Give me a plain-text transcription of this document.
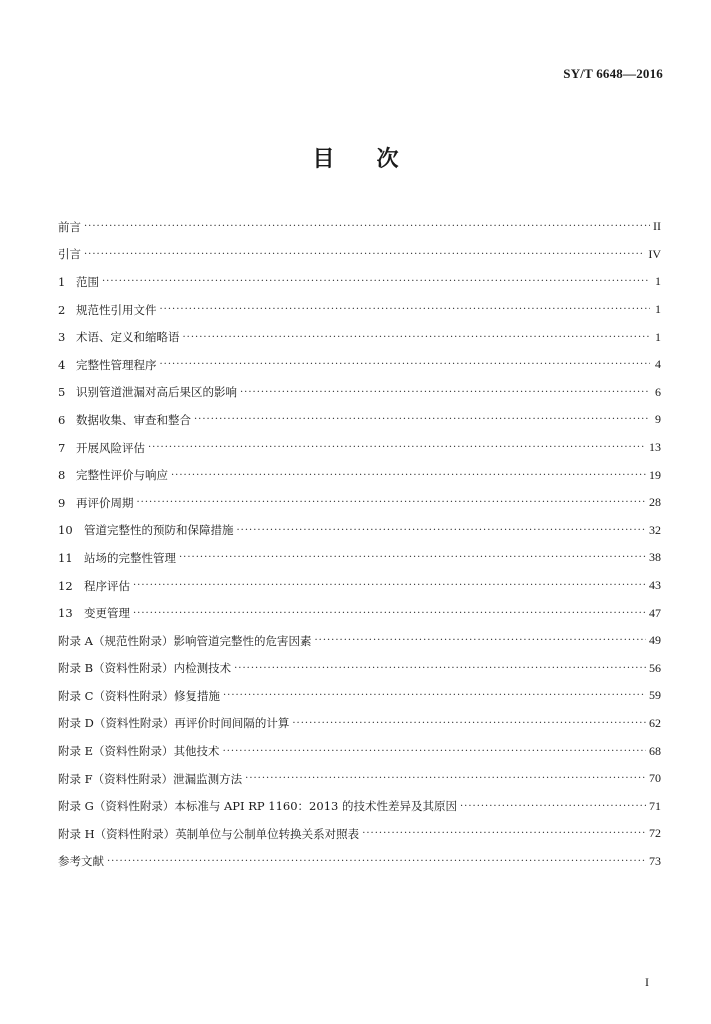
SY/T 6648—2016
目 次
前言 ·····	II
引言 ·····	IV
1 范围 ·····	1
2 规范性引用文件 ·····	1
3 术语、定义和缩略语 ·····	1
4 完整性管理程序 ·····	4
5 识别管道泄漏对高后果区的影响 ·····	6
6 数据收集、审查和整合 ·····	9
7 开展风险评估 ·····	13
8 完整性评价与响应 ·····	19
9 再评价周期 ·····	28
10 管道完整性的预防和保障措施 ·····	32
11 站场的完整性管理 ·····	38
12 程序评估 ·····	43
13 变更管理 ·····	47
附录 A（规范性附录） 影响管道完整性的危害因素 ·····	49
附录 B（资料性附录） 内检测技术 ·····	56
附录 C（资料性附录） 修复措施 ·····	59
附录 D（资料性附录） 再评价时间间隔的计算 ·····	62
附录 E（资料性附录） 其他技术 ·····	68
附录 F（资料性附录） 泄漏监测方法 ·····	70
附录 G（资料性附录） 本标准与 API RP 1160：2013 的技术性差异及其原因 ·····	71
附录 H（资料性附录） 英制单位与公制单位转换关系对照表 ·····	72
参考文献 ·····	73
I
